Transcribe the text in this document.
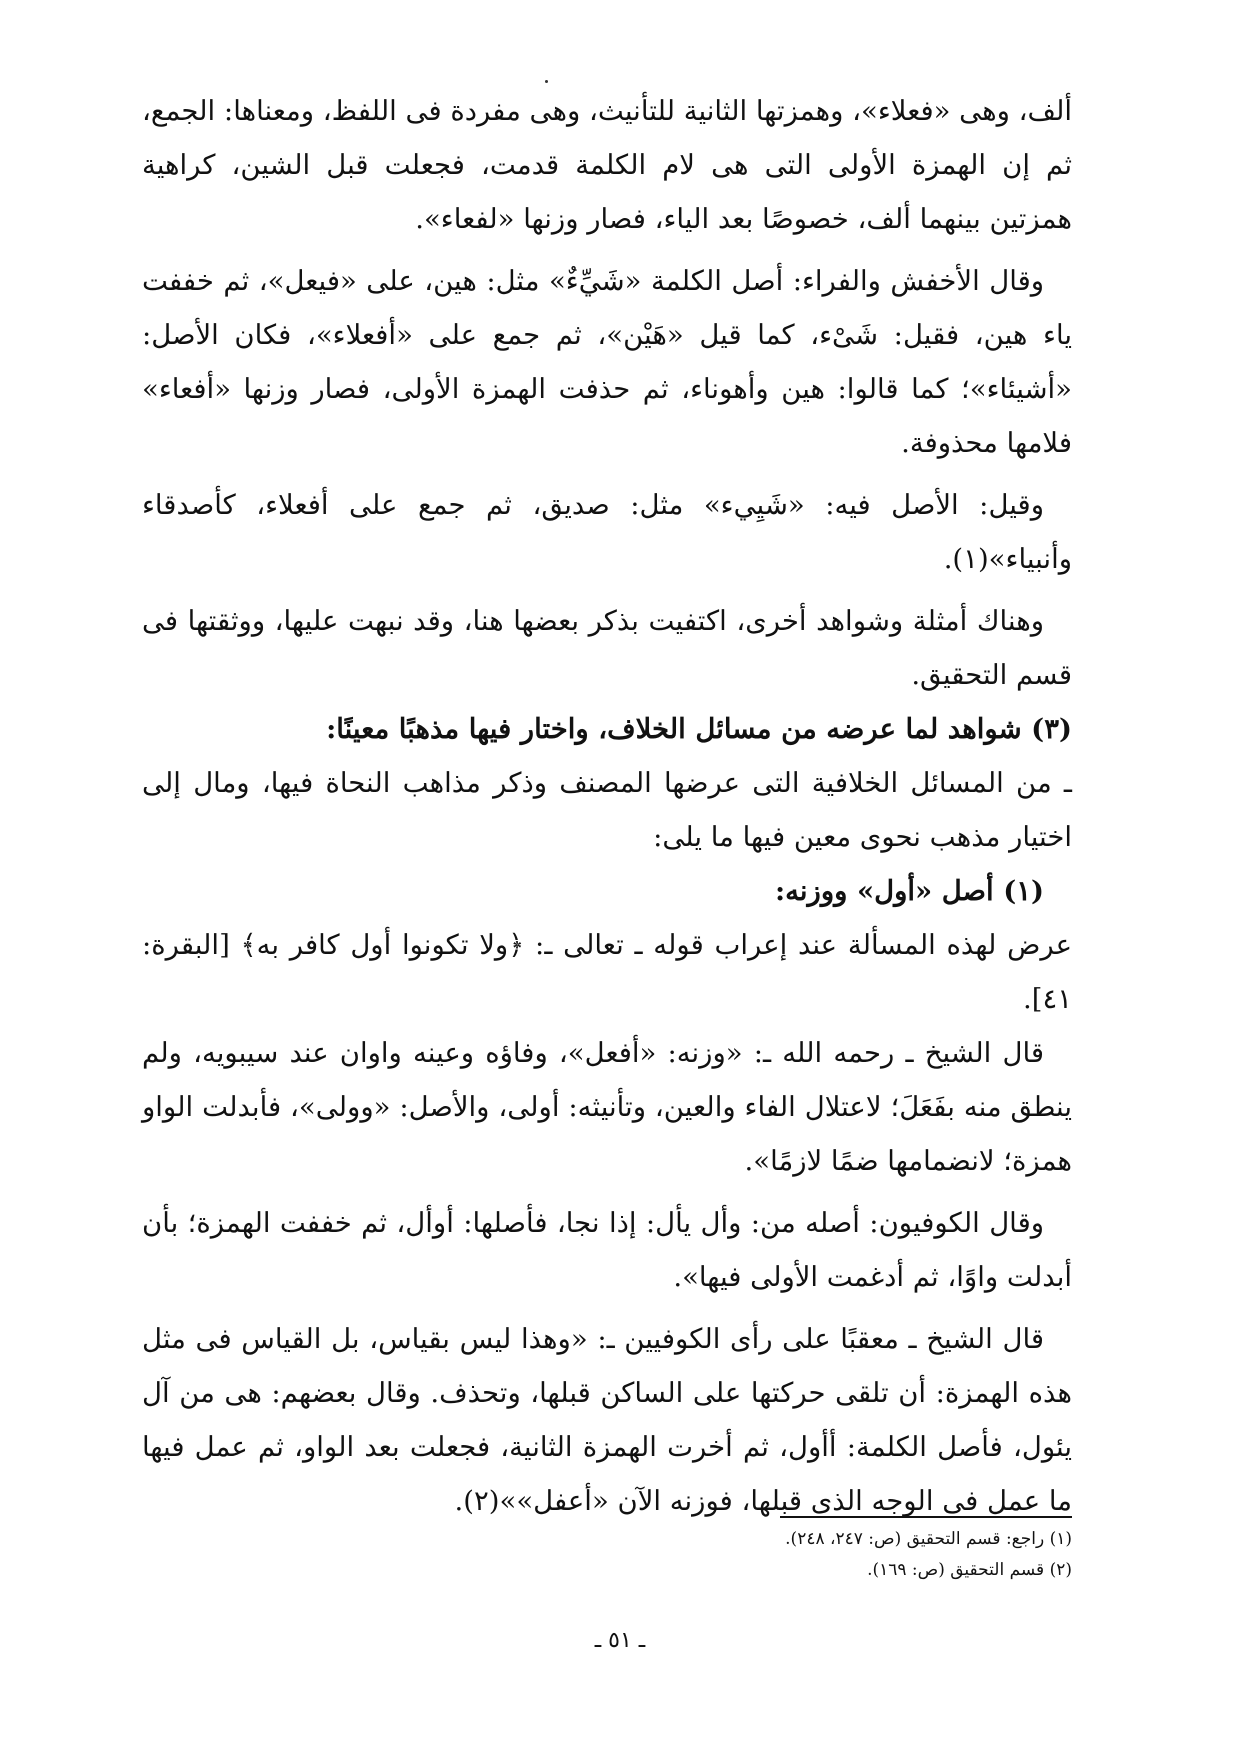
ألف، وهى «فعلاء»، وهمزتها الثانية للتأنيث، وهى مفردة فى اللفظ، ومعناها: الجمع، ثم إن الهمزة الأولى التى هى لام الكلمة قدمت، فجعلت قبل الشين، كراهية همزتين بينهما ألف، خصوصًا بعد الياء، فصار وزنها «لفعاء».

وقال الأخفش والفراء: أصل الكلمة «شَيِّءٌ» مثل: هين، على «فيعل»، ثم خففت ياء هين، فقيل: شَىْء، كما قيل «هَيْن»، ثم جمع على «أفعلاء»، فكان الأصل: «أشيئاء»؛ كما قالوا: هين وأهوناء، ثم حذفت الهمزة الأولى، فصار وزنها «أفعاء» فلامها محذوفة.

وقيل: الأصل فيه: «شَيِيء» مثل: صديق، ثم جمع على أفعلاء، كأصدقاء وأنبياء»(١).

وهناك أمثلة وشواهد أخرى، اكتفيت بذكر بعضها هنا، وقد نبهت عليها، ووثقتها فى قسم التحقيق.

(٣) شواهد لما عرضه من مسائل الخلاف، واختار فيها مذهبًا معينًا:

ـ من المسائل الخلافية التى عرضها المصنف وذكر مذاهب النحاة فيها، ومال إلى اختيار مذهب نحوى معين فيها ما يلى:

(١) أصل «أول» ووزنه:

عرض لهذه المسألة عند إعراب قوله ـ تعالى ـ: ﴿ولا تكونوا أول كافر به﴾ [البقرة: ٤١].

قال الشيخ ـ رحمه الله ـ: «وزنه: «أفعل»، وفاؤه وعينه واوان عند سيبويه، ولم ينطق منه بفَعَلَ؛ لاعتلال الفاء والعين، وتأنيثه: أولى، والأصل: «وولى»، فأبدلت الواو همزة؛ لانضمامها ضمًا لازمًا».

وقال الكوفيون: أصله من: وأل يأل: إذا نجا، فأصلها: أوأل، ثم خففت الهمزة؛ بأن أبدلت واوًا، ثم أدغمت الأولى فيها».

قال الشيخ ـ معقبًا على رأى الكوفيين ـ: «وهذا ليس بقياس، بل القياس فى مثل هذه الهمزة: أن تلقى حركتها على الساكن قبلها، وتحذف. وقال بعضهم: هى من آل يئول، فأصل الكلمة: أأول، ثم أخرت الهمزة الثانية، فجعلت بعد الواو، ثم عمل فيها ما عمل فى الوجه الذى قبلها، فوزنه الآن «أعفل»»(٢).

(١) راجع: قسم التحقيق (ص: ٢٤٧، ٢٤٨).
(٢) قسم التحقيق (ص: ١٦٩).
ـ ٥١ ـ
